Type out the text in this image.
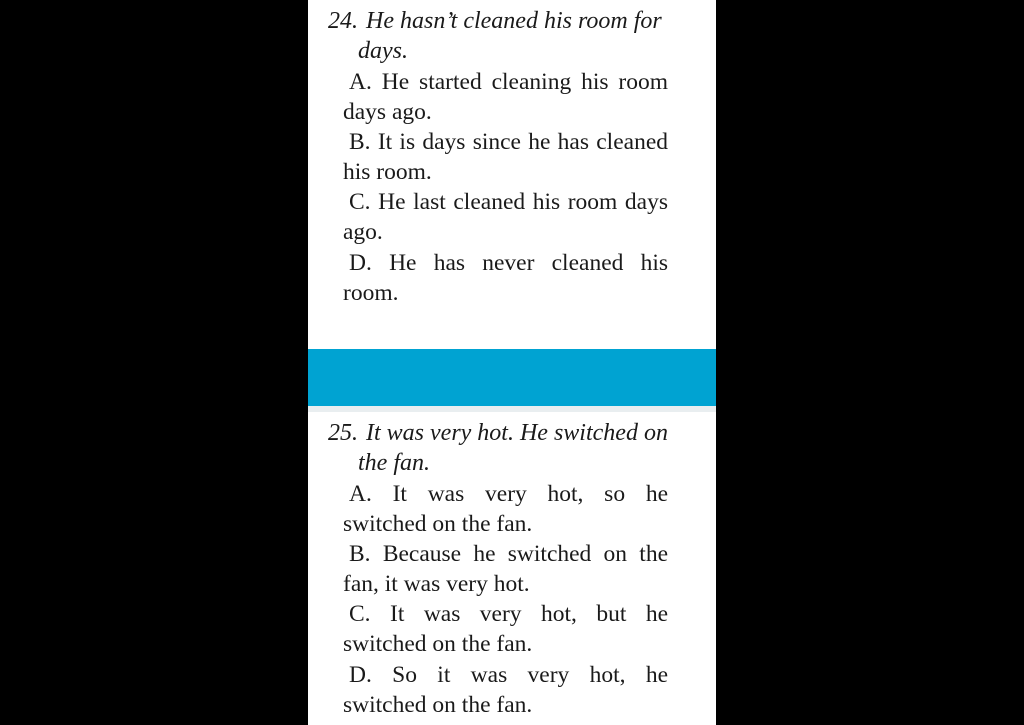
24. He hasn’t cleaned his room for days.
A. He started cleaning his room days ago.
B. It is days since he has cleaned his room.
C. He last cleaned his room days ago.
D. He has never cleaned his room.
25. It was very hot. He switched on the fan.
A. It was very hot, so he switched on the fan.
B. Because he switched on the fan, it was very hot.
C. It was very hot, but he switched on the fan.
D. So it was very hot, he switched on the fan.
